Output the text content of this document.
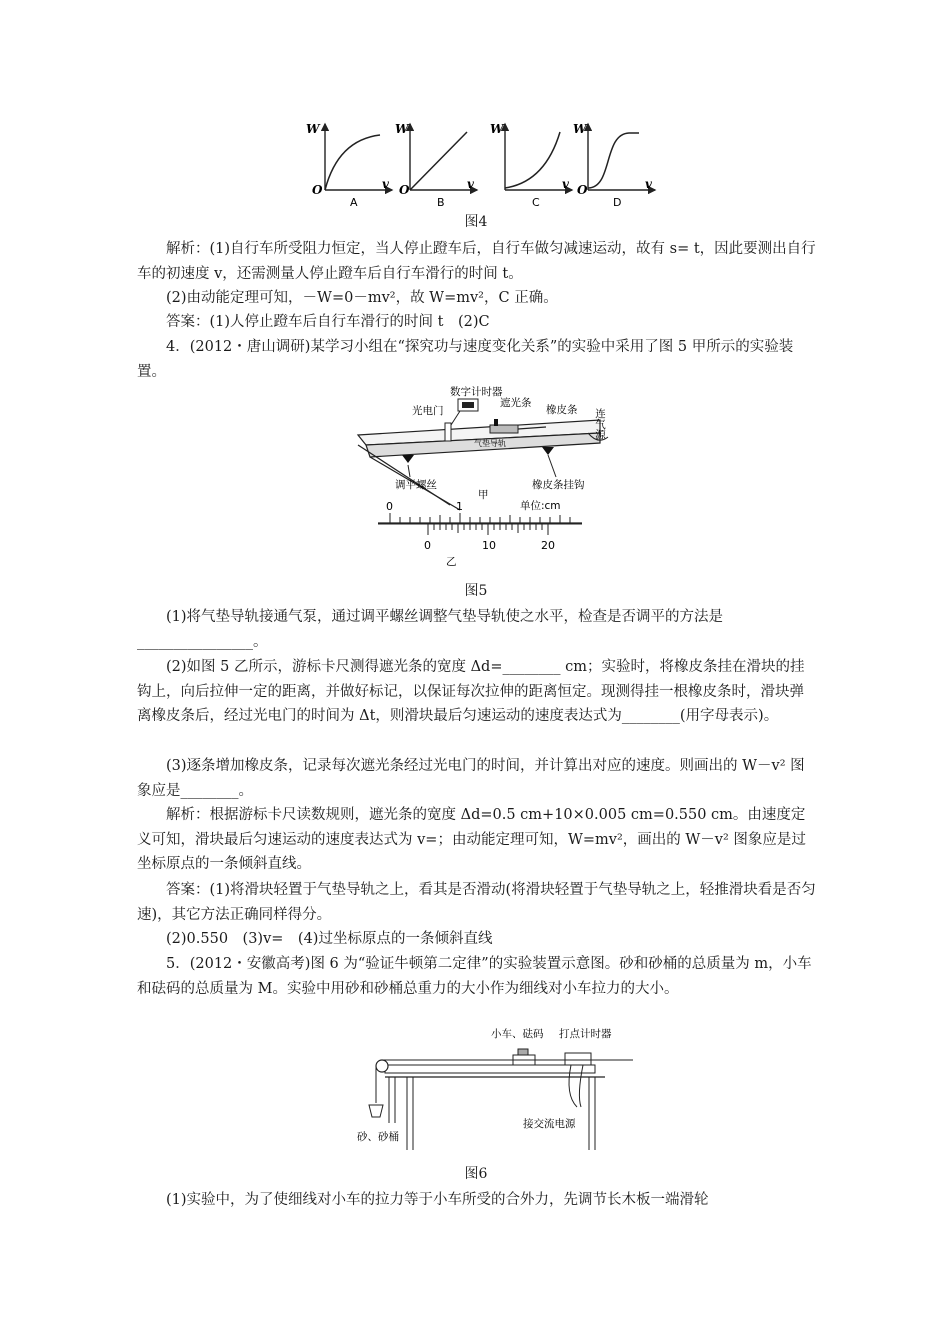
W
O	v
A
W
O	v
B
W
v
C
W
O	v
D
图4

解析：(1)自行车所受阻力恒定，当人停止蹬车后，自行车做匀减速运动，故有 s= t，因此要测出自行车的初速度 v，还需测量人停止蹬车后自行车滑行的时间 t。

(2)由动能定理可知，－W=0－mv²，故 W=mv²，C 正确。

答案：(1)人停止蹬车后自行车滑行的时间 t　(2)C

4．(2012・唐山调研)某学习小组在“探究功与速度变化关系”的实验中采用了图 5 甲所示的实验装置。

光电门
数字计时器
遮光条
橡皮条 连气源
气垫导轨
调平螺丝	橡皮条挂钩
甲
0	1	单位:cm
0	10	20
乙
图5

(1)将气垫导轨接通气泵，通过调平螺丝调整气垫导轨使之水平，检查是否调平的方法是________________。

(2)如图 5 乙所示，游标卡尺测得遮光条的宽度 Δd=________ cm；实验时，将橡皮条挂在滑块的挂钩上，向后拉伸一定的距离，并做好标记，以保证每次拉伸的距离恒定。现测得挂一根橡皮条时，滑块弹离橡皮条后，经过光电门的时间为 Δt，则滑块最后匀速运动的速度表达式为________(用字母表示)。

(3)逐条增加橡皮条，记录每次遮光条经过光电门的时间，并计算出对应的速度。则画出的 W－v² 图象应是________。

解析：根据游标卡尺读数规则，遮光条的宽度 Δd=0.5 cm+10×0.005 cm=0.550 cm。由速度定义可知，滑块最后匀速运动的速度表达式为 v=；由动能定理可知，W=mv²，画出的 W－v² 图象应是过坐标原点的一条倾斜直线。

答案：(1)将滑块轻置于气垫导轨之上，看其是否滑动(将滑块轻置于气垫导轨之上，轻推滑块看是否匀速)，其它方法正确同样得分。

(2)0.550　(3)v=　(4)过坐标原点的一条倾斜直线

5．(2012・安徽高考)图 6 为“验证牛顿第二定律”的实验装置示意图。砂和砂桶的总质量为 m，小车和砝码的总质量为 M。实验中用砂和砂桶总重力的大小作为细线对小车拉力的大小。

小车、砝码 打点计时器
接交流电源
砂、砂桶
图6

(1)实验中，为了使细线对小车的拉力等于小车所受的合外力，先调节长木板一端滑轮
